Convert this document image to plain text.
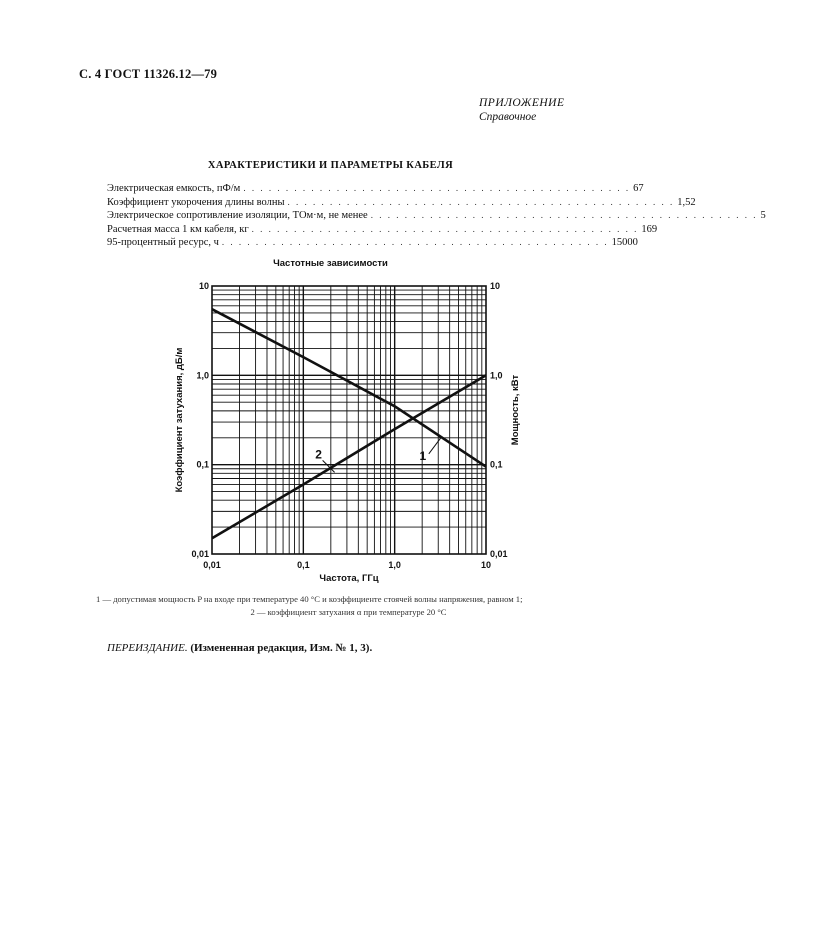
С. 4 ГОСТ 11326.12—79
ПРИЛОЖЕНИЕ
Справочное
ХАРАКТЕРИСТИКИ И ПАРАМЕТРЫ КАБЕЛЯ
Электрическая емкость, пФ/м . . . . . . . . . . . . . . . . . . . . . . . . . . . . . . . . . . . . . . . . . . . . . . 67
Коэффициент укорочения длины волны . . . . . . . . . . . . . . . . . . . . . . . . . . . . . . . . . . . . . . . . . . . . . . 1,52
Электрическое сопротивление изоляции, ТОм·м, не менее . . . . . . . . . . . . . . . . . . . . . . . . . . . . . . . . . . . . . . . . . . . . . . 5
Расчетная масса 1 км кабеля, кг . . . . . . . . . . . . . . . . . . . . . . . . . . . . . . . . . . . . . . . . . . . . . . 169
95-процентный ресурс, ч . . . . . . . . . . . . . . . . . . . . . . . . . . . . . . . . . . . . . . . . . . . . . . 15000
Частотные зависимости
1
2
0,01	0,1	1,0	10
0,01
0,1
1,0
10
0,01
0,1
1,0
10
Частота, ГГц
Коэффициент затухания, дБ/м	Мощность, кВт
1 — допустимая мощность P на входе при температуре 40 °С и коэффициенте стоячей волны напряжения, равном 1;
2 — коэффициент затухания α при температуре 20 °С
ПЕРЕИЗДАНИЕ. (Измененная редакция, Изм. № 1, 3).
